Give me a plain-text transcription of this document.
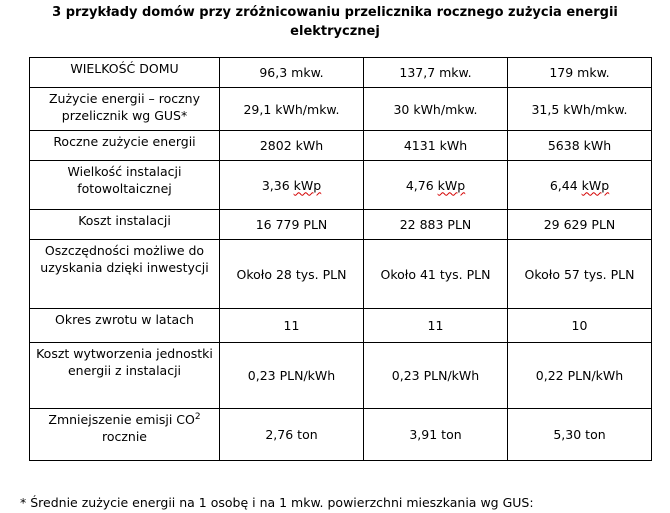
3 przykłady domów przy zróżnicowaniu przelicznika rocznego zużycia energii elektrycznej
WIELKOŚĆ DOMU	96,3 mkw.	137,7 mkw.	179 mkw.
Zużycie energii – roczny przelicznik wg GUS*	29,1 kWh/mkw.	30 kWh/mkw.	31,5 kWh/mkw.
Roczne zużycie energii	2802 kWh	4131 kWh	5638 kWh
Wielkość instalacji fotowoltaicznej	3,36 kWp	4,76 kWp	6,44 kWp
Koszt instalacji	16 779 PLN	22 883 PLN	29 629 PLN
Oszczędności możliwe do uzyskania dzięki inwestycji	Około 28 tys. PLN	Około 41 tys. PLN	Około 57 tys. PLN
Okres zwrotu w latach	11	11	10
Koszt wytworzenia jednostki energii z instalacji	0,23 PLN/kWh	0,23 PLN/kWh	0,22 PLN/kWh
Zmniejszenie emisji $CO^2$ rocznie	2,76 ton	3,91 ton	5,30 ton
* Średnie zużycie energii na 1 osobę i na 1 mkw. powierzchni mieszkania wg GUS:
